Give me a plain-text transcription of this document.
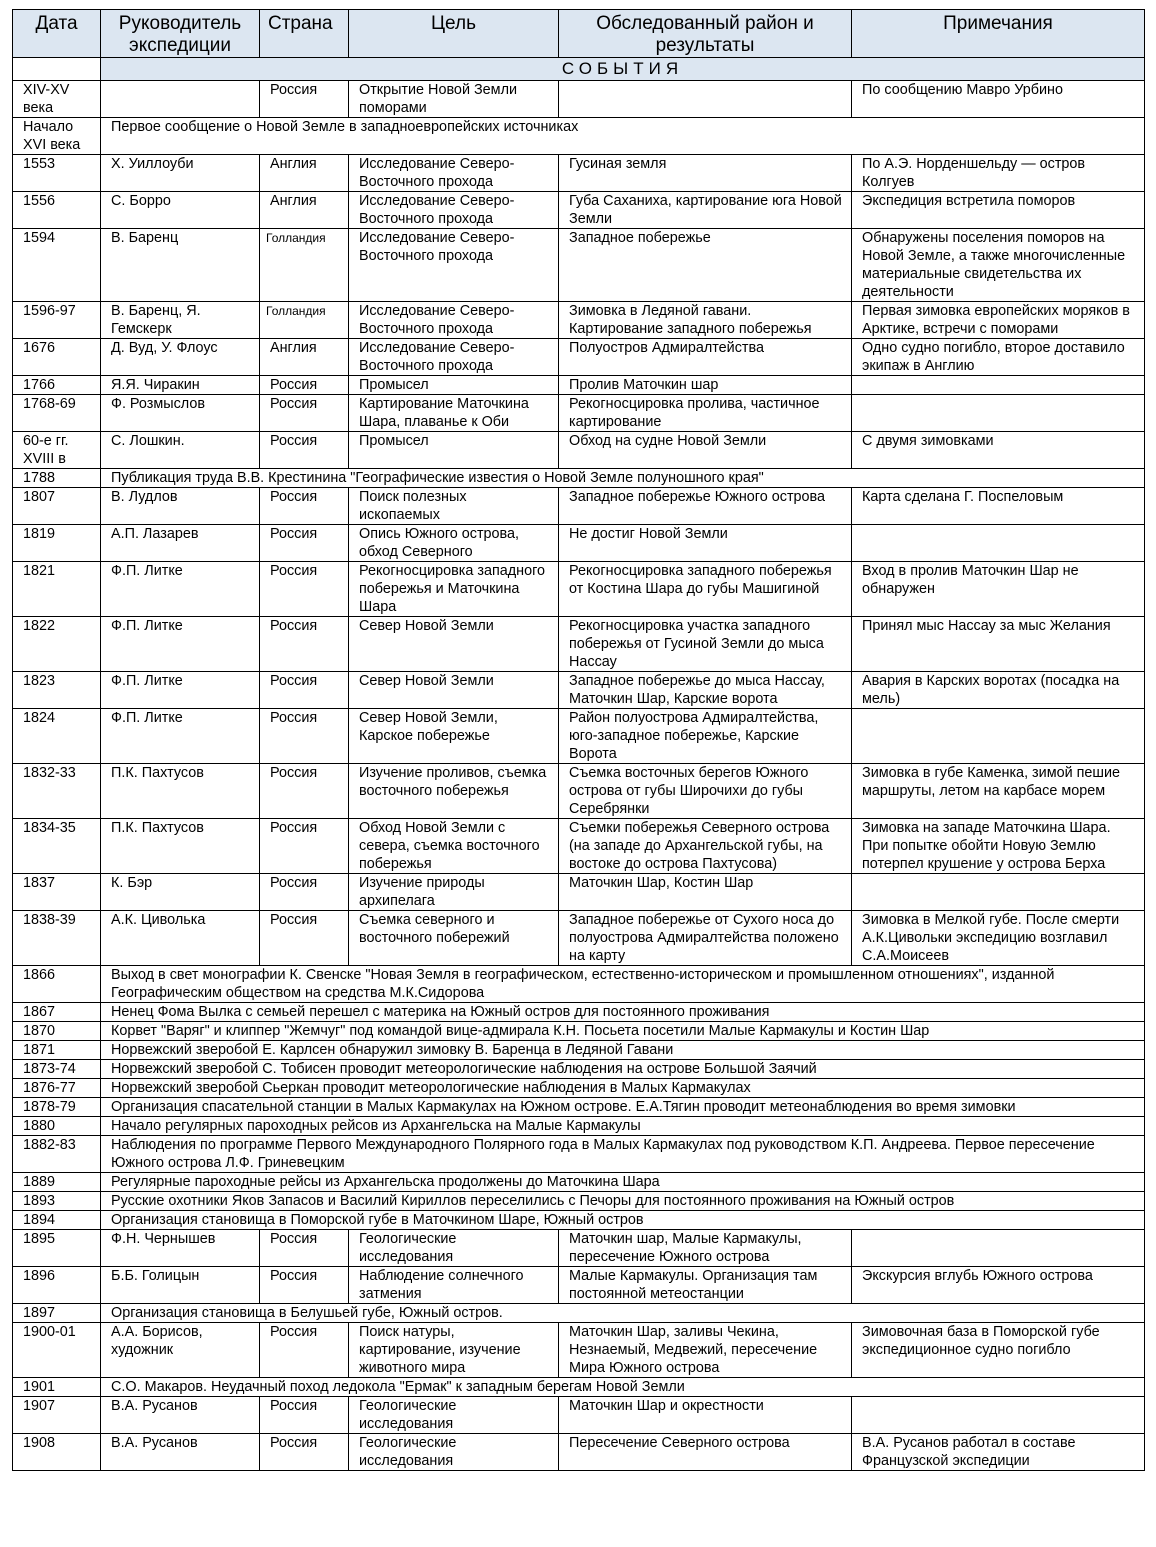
Дата	Руководитель экспедиции	Страна	Цель	Обследованный район и результаты	Примечания
	СОБЫТИЯ				
XIV-XV века		Россия	Открытие Новой Земли поморами		По сообщению Мавро Урбино
Начало XVI века	Первое сообщение о Новой Земле в западноевропейских источниках				
1553	Х. Уиллоуби	Англия	Исследование Северо-Восточного прохода	Гусиная земля	По А.Э. Норденшельду — остров Колгуев
1556	С. Борро	Англия	Исследование Северо-Восточного прохода	Губа Саханиха, картирование юга Новой Земли	Экспедиция встретила поморов
1594	В. Баренц	Голландия	Исследование Северо-Восточного прохода	Западное побережье	Обнаружены поселения поморов на Новой Земле, а также многочисленные материальные свидетельства их деятельности
1596-97	В. Баренц, Я. Гемскерк	Голландия	Исследование Северо-Восточного прохода	Зимовка в Ледяной гавани. Картирование западного побережья	Первая зимовка европейских моряков в Арктике, встречи с поморами
1676	Д. Вуд, У. Флоус	Англия	Исследование Северо-Восточного прохода	Полуостров Адмиралтейства	Одно судно погибло, второе доставило экипаж в Англию
1766	Я.Я. Чиракин	Россия	Промысел	Пролив Маточкин шар	
1768-69	Ф. Розмыслов	Россия	Картирование Маточкина Шара, плаванье к Оби	Рекогносцировка пролива, частичное картирование	
60-е гг. XVIII в	С. Лошкин.	Россия	Промысел	Обход на судне Новой Земли	С двумя зимовками
1788	Публикация труда В.В. Крестинина "Географические известия о Новой Земле полуношного края"				
1807	В. Лудлов	Россия	Поиск полезных ископаемых	Западное побережье Южного острова	Карта сделана Г. Поспеловым
1819	А.П. Лазарев	Россия	Опись Южного острова, обход Северного	Не достиг Новой Земли	
1821	Ф.П. Литке	Россия	Рекогносцировка западного побережья и Маточкина Шара	Рекогносцировка западного побережья от Костина Шара до губы Машигиной	Вход в пролив Маточкин Шар не обнаружен
1822	Ф.П. Литке	Россия	Север Новой Земли	Рекогносцировка участка западного побережья от Гусиной Земли до мыса Нассау	Принял мыс Нассау за мыс Желания
1823	Ф.П. Литке	Россия	Север Новой Земли	Западное побережье до мыса Нассау, Маточкин Шар, Карские ворота	Авария в Карских воротах (посадка на мель)
1824	Ф.П. Литке	Россия	Север Новой Земли, Карское побережье	Район полуострова Адмиралтейства, юго-западное побережье, Карские Ворота	
1832-33	П.К. Пахтусов	Россия	Изучение проливов, съемка восточного побережья	Съемка восточных берегов Южного острова от губы Широчихи до губы Серебрянки	Зимовка в губе Каменка, зимой пешие маршруты, летом на карбасе морем
1834-35	П.К. Пахтусов	Россия	Обход Новой Земли с севера, съемка восточного побережья	Съемки побережья Северного острова (на западе до Архангельской губы, на востоке до острова Пахтусова)	Зимовка на западе Маточкина Шара. При попытке обойти Новую Землю потерпел крушение у острова Берха
1837	К. Бэр	Россия	Изучение природы архипелага	Маточкин Шар, Костин Шар	
1838-39	А.К. Циволька	Россия	Съемка северного и восточного побережий	Западное побережье от Сухого носа до полуострова Адмиралтейства положено на карту	Зимовка в Мелкой губе. После смерти А.К.Цивольки экспедицию возглавил С.А.Моисеев
1866	Выход в свет монографии К. Свенске "Новая Земля в географическом, естественно-историческом и промышленном отношениях", изданной Географическим обществом на средства М.К.Сидорова				
1867	Ненец Фома Вылка с семьей перешел с материка на Южный остров для постоянного проживания				
1870	Корвет "Варяг" и клиппер "Жемчуг" под командой вице-адмирала К.Н. Посьета посетили Малые Кармакулы и Костин Шар				
1871	Норвежский зверобой Е. Карлсен обнаружил зимовку В. Баренца в Ледяной Гавани				
1873-74	Норвежский зверобой С. Тобисен проводит метеорологические наблюдения на острове Большой Заячий				
1876-77	Норвежский зверобой Сьеркан проводит метеорологические наблюдения в Малых Кармакулах				
1878-79	Организация спасательной станции в Малых Кармакулах на Южном острове. Е.А.Тягин проводит метеонаблюдения во время зимовки				
1880	Начало регулярных пароходных рейсов из Архангельска на Малые Кармакулы				
1882-83	Наблюдения по программе Первого Международного Полярного года в Малых Кармакулах под руководством К.П. Андреева. Первое пересечение Южного острова Л.Ф. Гриневецким				
1889	Регулярные пароходные рейсы из Архангельска продолжены до Маточкина Шара				
1893	Русские охотники Яков Запасов и Василий Кириллов переселились с Печоры для постоянного проживания на Южный остров				
1894	Организация становища в Поморской губе в Маточкином Шаре, Южный остров				
1895	Ф.Н. Чернышев	Россия	Геологические исследования	Маточкин шар, Малые Кармакулы, пересечение Южного острова	
1896	Б.Б. Голицын	Россия	Наблюдение солнечного затмения	Малые Кармакулы. Организация там постоянной метеостанции	Экскурсия вглубь Южного острова
1897	Организация становища в Белушьей губе, Южный остров.				
1900-01	А.А. Борисов, художник	Россия	Поиск натуры, картирование, изучение животного мира	Маточкин Шар, заливы Чекина, Незнаемый, Медвежий, пересечение Мира Южного острова	Зимовочная база в Поморской губе экспедиционное судно погибло
1901	С.О. Макаров. Неудачный поход ледокола "Ермак" к западным берегам Новой Земли				
1907	В.А. Русанов	Россия	Геологические исследования	Маточкин Шар и окрестности	
1908	В.А. Русанов	Россия	Геологические исследования	Пересечение Северного острова	В.А. Русанов работал в составе Французской экспедиции
